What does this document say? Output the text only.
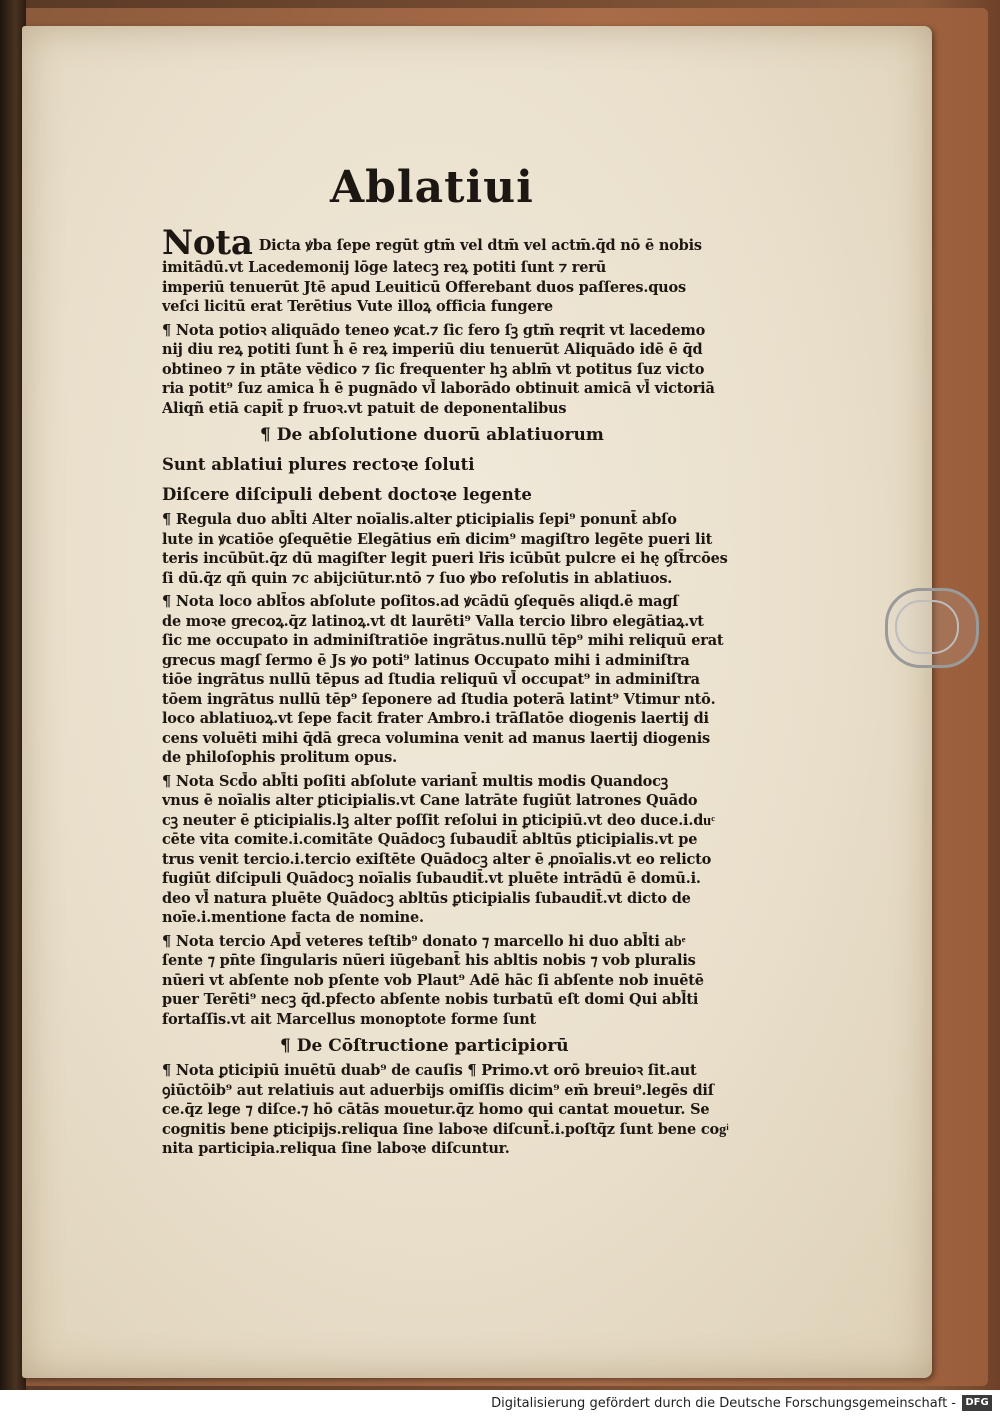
Ablatiui
Nota Dicta ꝟba ſepe regūt gtm̄ vel dtm̄ vel actm̄.q̄d nō ē nobis
imitādū.vt Lacedemonij lōge latecꝫ reꝝ potiti ſunt ⁊ rerū
imperiū tenuerūt Jtē apud Leuiticū Offerebant duos paſſeres.quos
veſci licitū erat Terētius Vute illoꝝ officia fungere
¶ Nota potioꝛ aliquādo teneo ꝟcat.⁊ ſic fero ſꝫ gtm̄ reqrit vt lacedemo
nij diu reꝝ potiti ſunt h̄ ē reꝝ imperiū diu tenuerūt Aliquādo idē ē q̄d
obtineo ⁊ in ptāte vēdico ⁊ ſic frequenter hꝫ ablm̄ vt potitus ſuz victo
ria potit⁹ ſuz amica h̄ ē pugnādo vl̄ laborādo obtinuit amicā vl̄ victoriā
Aliqñ etiā capit̄ p fruoꝛ.vt patuit de deponentalibus
¶ De abſolutione duorū ablatiuorum
Sunt ablatiui plures rectoꝛe ſoluti
Diſcere diſcipuli debent doctoꝛe legente
¶ Regula duo abl̄ti Alter noīalis.alter ꝑticipialis ſepi⁹ ponunt̄ abſo
lute in ꝟcatiōe ꝯſequētie Elegātius em̄ dicim⁹ magiſtro legēte pueri lit
teris incūbūt.q̄z dū magiſter legit pueri lr̄is icūbūt pulcre ei hę ꝯſt̄rcōes
ſi dū.q̄z qñ quin ⁊c abijciūtur.ntō ⁊ ſuo ꝟbo reſolutis in ablatiuos.
¶ Nota loco ablt̄os abſolute poſitos.ad ꝟcādū ꝯſequēs aliqd.ē magſ
de moꝛe grecoꝝ.q̄z latinoꝝ.vt dt laurēti⁹ Valla tercio libro elegātiaꝝ.vt
ſic me occupato in adminiſtratiōe ingrātus.nullū tēp⁹ mihi reliquū erat
grecus magſ ſermo ē Js ꝟo poti⁹ latinus Occupato mihi i adminiſtra
tiōe ingrātus nullū tēpus ad ſtudia reliquū vl̄ occupat⁹ in adminiſtra
tōem ingrātus nullū tēp⁹ ſeponere ad ſtudia poterā latint⁹ Vtimur ntō.
loco ablatiuoꝝ.vt ſepe facit frater Ambro.i trāſlatōe diogenis laertij di
cens voluēti mihi q̄dā greca volumina venit ad manus laertij diogenis
de philoſophis prolitum opus.
¶ Nota Scd̄o abl̄ti poſiti abſolute variant̄ multis modis Quandocꝫ
vnus ē noīalis alter ꝑticipialis.vt Cane latrāte fugiūt latrones Quādo
cꝫ neuter ē ꝑticipialis.lꝫ alter poſſit reſolui in ꝑticipiū.vt deo duce.i.duͨ
cēte vita comite.i.comitāte Quādocꝫ ſubaudit̄ abltūs ꝑticipialis.vt pe
trus venit tercio.i.tercio exiſtēte Quādocꝫ alter ē ꝓnoīalis.vt eo relicto
fugiūt diſcipuli Quādocꝫ noīalis ſubaudit̄.vt pluēte intrādū ē domū.i.
deo vl̄ natura pluēte Quādocꝫ abltūs ꝑticipialis ſubaudit̄.vt dicto de
noīe.i.mentione facta de nomine.
¶ Nota tercio Apd̄ veteres teſtib⁹ donato ⁊ marcello hi duo abl̄ti abͤ
ſente ⁊ pn̄te ſingularis nūeri iūgebant̄ his abltis nobis ⁊ vob pluralis
nūeri vt abſente nob pſente vob Plaut⁹ Adē hāc ſi abſente nob inuētē
puer Terēti⁹ necꝫ q̄d.pfecto abſente nobis turbatū eſt domi Qui abl̄ti
fortaſſis.vt ait Marcellus monoptote forme ſunt
¶ De Cōſtructione participiorū
¶ Nota ꝑticipiū inuētū duab⁹ de cauſis ¶ Primo.vt orō breuioꝛ ſit.aut
ꝯiūctōib⁹ aut relatiuis aut aduerbijs omiſſis dicim⁹ em̄ breui⁹.legēs diſ
ce.q̄z lege ⁊ diſce.⁊ hō cātās mouetur.q̄z homo qui cantat mouetur. Se
cognitis bene ꝑticipijs.reliqua ſine laboꝛe diſcunt̄.i.poſtq̄z ſunt bene cogͥ
nita participia.reliqua ſine laboꝛe diſcuntur.
Digitalisierung gefördert durch die Deutsche Forschungsgemeinschaft - DFG
